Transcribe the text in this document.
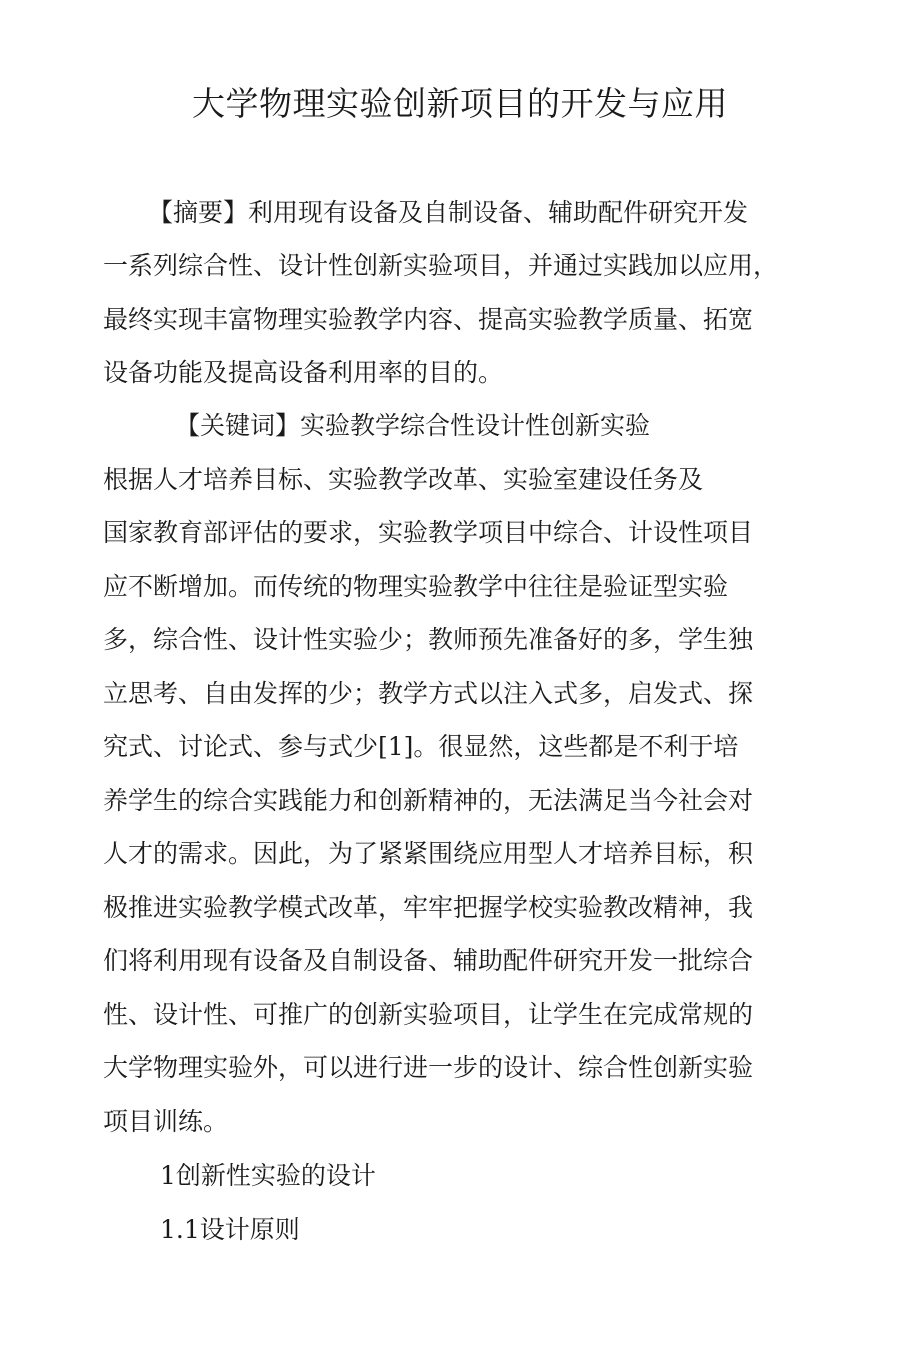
大学物理实验创新项目的开发与应用

【摘要】利用现有设备及自制设备、辅助配件研究开发

一系列综合性、设计性创新实验项目，并通过实践加以应用，

最终实现丰富物理实验教学内容、提高实验教学质量、拓宽

设备功能及提高设备利用率的目的。

【关键词】实验教学综合性设计性创新实验

根据人才培养目标、实验教学改革、实验室建设任务及

国家教育部评估的要求，实验教学项目中综合、计设性项目

应不断增加。而传统的物理实验教学中往往是验证型实验

多，综合性、设计性实验少；教师预先准备好的多，学生独

立思考、自由发挥的少；教学方式以注入式多，启发式、探

究式、讨论式、参与式少[1]。很显然，这些都是不利于培

养学生的综合实践能力和创新精神的，无法满足当今社会对

人才的需求。因此，为了紧紧围绕应用型人才培养目标，积

极推进实验教学模式改革，牢牢把握学校实验教改精神，我

们将利用现有设备及自制设备、辅助配件研究开发一批综合

性、设计性、可推广的创新实验项目，让学生在完成常规的

大学物理实验外，可以进行进一步的设计、综合性创新实验

项目训练。

1创新性实验的设计

1.1设计原则
